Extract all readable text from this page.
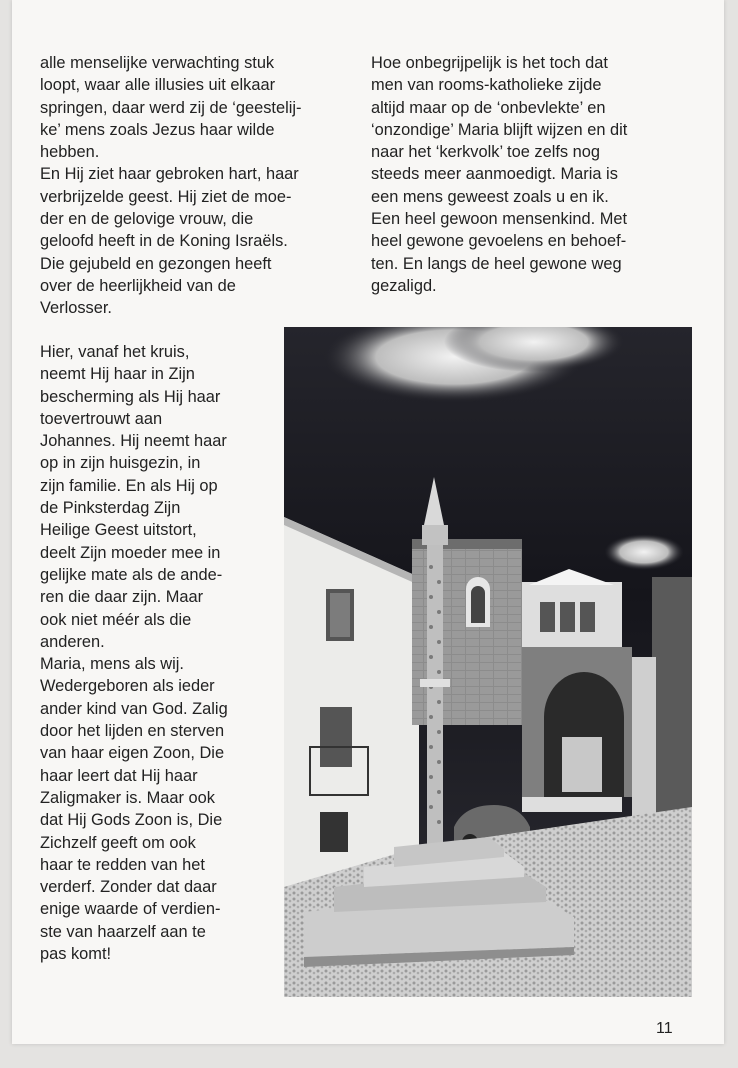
alle menselijke verwachting stuk
loopt, waar alle illusies uit elkaar
springen, daar werd zij de ‘geestelij-
ke’ mens zoals Jezus haar wilde
hebben.
En Hij ziet haar gebroken hart, haar
verbrijzelde geest. Hij ziet de moe-
der en de gelovige vrouw, die
geloofd heeft in de Koning Israëls.
Die gejubeld en gezongen heeft
over de heerlijkheid van de
Verlosser.
Hoe onbegrijpelijk is het toch dat
men van rooms-katholieke zijde
altijd maar op de ‘onbevlekte’ en
‘onzondige’ Maria blijft wijzen en dit
naar het ‘kerkvolk’ toe zelfs nog
steeds meer aanmoedigt. Maria is
een mens geweest zoals u en ik.
Een heel gewoon mensenkind. Met
heel gewone gevoelens en behoef-
ten. En langs de heel gewone weg
gezaligd.
Hier, vanaf het kruis,
neemt Hij haar in Zijn
bescherming als Hij haar
toevertrouwt aan
Johannes. Hij neemt haar
op in zijn huisgezin, in
zijn familie. En als Hij op
de Pinksterdag Zijn
Heilige Geest uitstort,
deelt Zijn moeder mee in
gelijke mate als de ande-
ren die daar zijn. Maar
ook niet méér als die
anderen.
Maria, mens als wij.
Wedergeboren als ieder
ander kind van God. Zalig
door het lijden en sterven
van haar eigen Zoon, Die
haar leert dat Hij haar
Zaligmaker is. Maar ook
dat Hij Gods Zoon is, Die
Zichzelf geeft om ook
haar te redden van het
verderf. Zonder dat daar
enige waarde of verdien-
ste van haarzelf aan te
pas komt!
11
